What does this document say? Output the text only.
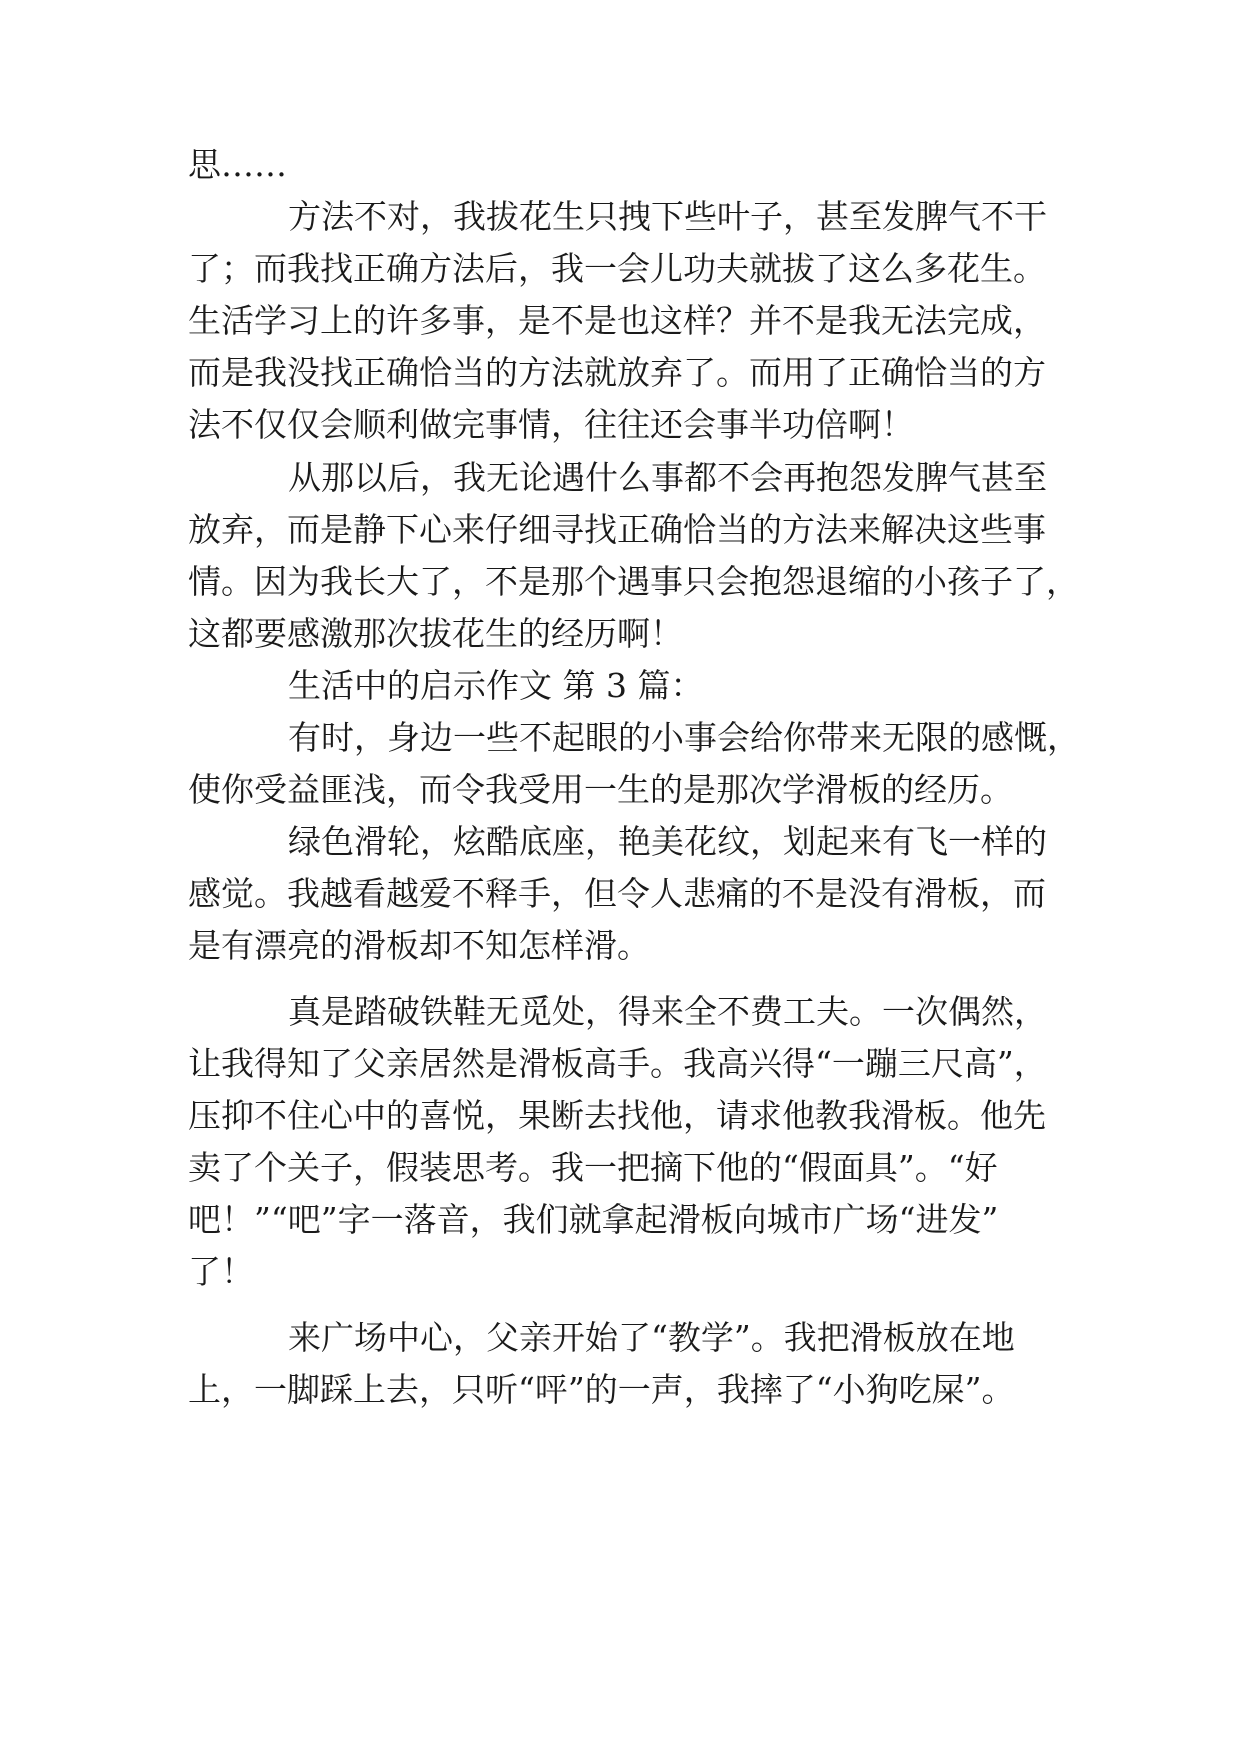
思……
方法不对，我拔花生只拽下些叶子，甚至发脾气不干
了；而我找正确方法后，我一会儿功夫就拔了这么多花生。
生活学习上的许多事，是不是也这样？并不是我无法完成，
而是我没找正确恰当的方法就放弃了。而用了正确恰当的方
法不仅仅会顺利做完事情，往往还会事半功倍啊！
从那以后，我无论遇什么事都不会再抱怨发脾气甚至
放弃，而是静下心来仔细寻找正确恰当的方法来解决这些事
情。因为我长大了，不是那个遇事只会抱怨退缩的小孩子了，
这都要感激那次拔花生的经历啊！
生活中的启示作文 第 3 篇：
有时，身边一些不起眼的小事会给你带来无限的感慨，
使你受益匪浅，而令我受用一生的是那次学滑板的经历。
绿色滑轮，炫酷底座，艳美花纹，划起来有飞一样的
感觉。我越看越爱不释手，但令人悲痛的不是没有滑板，而
是有漂亮的滑板却不知怎样滑。
真是踏破铁鞋无觅处，得来全不费工夫。一次偶然，
让我得知了父亲居然是滑板高手。我高兴得“一蹦三尺高”，
压抑不住心中的喜悦，果断去找他，请求他教我滑板。他先
卖了个关子，假装思考。我一把摘下他的“假面具”。“好
吧！”“吧”字一落音，我们就拿起滑板向城市广场“进发”
了！
来广场中心，父亲开始了“教学”。我把滑板放在地
上，一脚踩上去，只听“呯”的一声，我摔了“小狗吃屎”。
